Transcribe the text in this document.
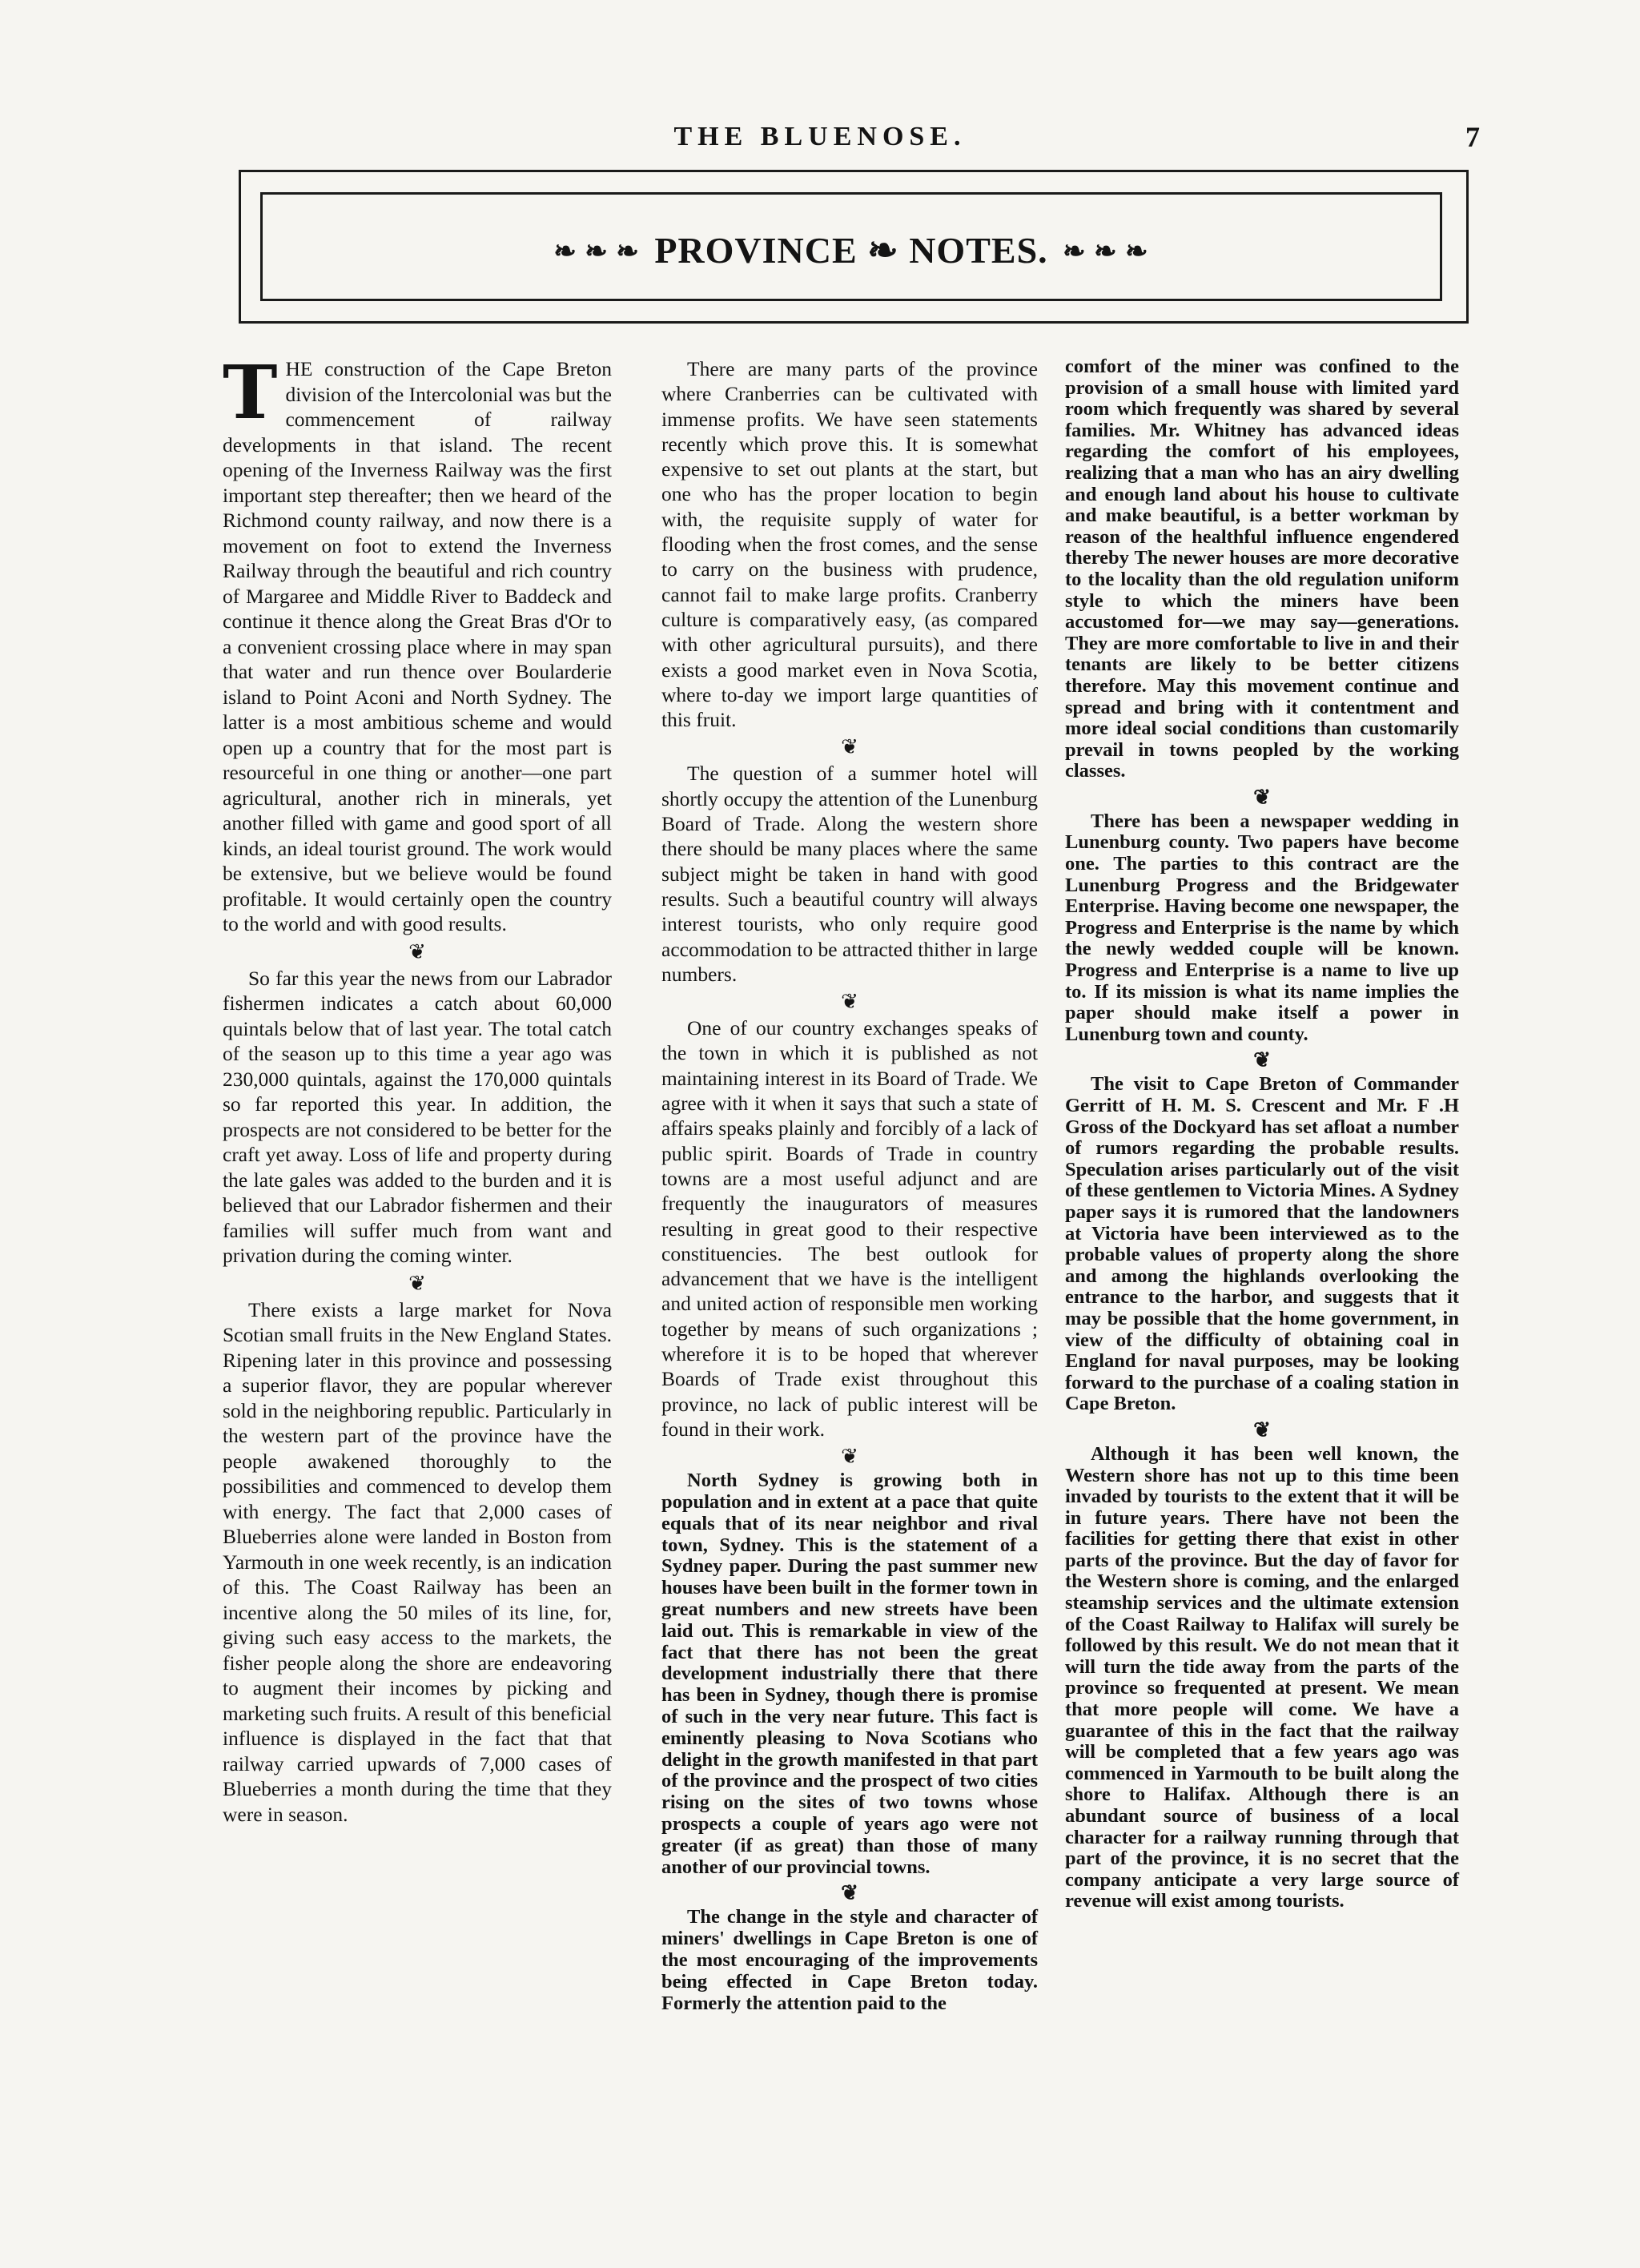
THE BLUENOSE.	7
❧ ❧ ❧ PROVINCE ❧ NOTES. ❧ ❧ ❧

THE construction of the Cape Breton division of the Intercolonial was but the commencement of railway developments in that island. The recent opening of the Inverness Railway was the first important step thereafter; then we heard of the Richmond county railway, and now there is a movement on foot to extend the Inverness Railway through the beautiful and rich country of Margaree and Middle River to Baddeck and continue it thence along the Great Bras d'Or to a convenient crossing place where in may span that water and run thence over Boularderie island to Point Aconi and North Sydney. The latter is a most ambitious scheme and would open up a country that for the most part is resourceful in one thing or another—one part agricultural, another rich in minerals, yet another filled with game and good sport of all kinds, an ideal tourist ground. The work would be extensive, but we believe would be found profitable. It would certainly open the country to the world and with good results.

❦

So far this year the news from our Labrador fishermen indicates a catch about 60,000 quintals below that of last year. The total catch of the season up to this time a year ago was 230,000 quintals, against the 170,000 quintals so far reported this year. In addition, the prospects are not considered to be better for the craft yet away. Loss of life and property during the late gales was added to the burden and it is believed that our Labrador fishermen and their families will suffer much from want and privation during the coming winter.

❦

There exists a large market for Nova Scotian small fruits in the New England States. Ripening later in this province and possessing a superior flavor, they are popular wherever sold in the neighboring republic. Particularly in the western part of the province have the people awakened thoroughly to the possibilities and commenced to develop them with energy. The fact that 2,000 cases of Blueberries alone were landed in Boston from Yarmouth in one week recently, is an indication of this. The Coast Railway has been an incentive along the 50 miles of its line, for, giving such easy access to the markets, the fisher people along the shore are endeavoring to augment their incomes by picking and marketing such fruits. A result of this beneficial influence is displayed in the fact that that railway carried upwards of 7,000 cases of Blueberries a month during the time that they were in season.

There are many parts of the province where Cranberries can be cultivated with immense profits. We have seen statements recently which prove this. It is somewhat expensive to set out plants at the start, but one who has the proper location to begin with, the requisite supply of water for flooding when the frost comes, and the sense to carry on the business with prudence, cannot fail to make large profits. Cranberry culture is comparatively easy, (as compared with other agricultural pursuits), and there exists a good market even in Nova Scotia, where to-day we import large quantities of this fruit.

❦

The question of a summer hotel will shortly occupy the attention of the Lunenburg Board of Trade. Along the western shore there should be many places where the same subject might be taken in hand with good results. Such a beautiful country will always interest tourists, who only require good accommodation to be attracted thither in large numbers.

❦

One of our country exchanges speaks of the town in which it is published as not maintaining interest in its Board of Trade. We agree with it when it says that such a state of affairs speaks plainly and forcibly of a lack of public spirit. Boards of Trade in country towns are a most useful adjunct and are frequently the inaugurators of measures resulting in great good to their respective constituencies. The best outlook for advancement that we have is the intelligent and united action of responsible men working together by means of such organizations ; wherefore it is to be hoped that wherever Boards of Trade exist throughout this province, no lack of public interest will be found in their work.

❦

North Sydney is growing both in population and in extent at a pace that quite equals that of its near neighbor and rival town, Sydney. This is the statement of a Sydney paper. During the past summer new houses have been built in the former town in great numbers and new streets have been laid out. This is remarkable in view of the fact that there has not been the great development industrially there that there has been in Sydney, though there is promise of such in the very near future. This fact is eminently pleasing to Nova Scotians who delight in the growth manifested in that part of the province and the prospect of two cities rising on the sites of two towns whose prospects a couple of years ago were not greater (if as great) than those of many another of our provincial towns.

❦

The change in the style and character of miners' dwellings in Cape Breton is one of the most encouraging of the improvements being effected in Cape Breton today. Formerly the attention paid to the

comfort of the miner was confined to the provision of a small house with limited yard room which frequently was shared by several families. Mr. Whitney has advanced ideas regarding the comfort of his employees, realizing that a man who has an airy dwelling and enough land about his house to cultivate and make beautiful, is a better workman by reason of the healthful influence engendered thereby The newer houses are more decorative to the locality than the old regulation uniform style to which the miners have been accustomed for—we may say—generations. They are more comfortable to live in and their tenants are likely to be better citizens therefore. May this movement continue and spread and bring with it contentment and more ideal social conditions than customarily prevail in towns peopled by the working classes.

❦

There has been a newspaper wedding in Lunenburg county. Two papers have become one. The parties to this contract are the Lunenburg Progress and the Bridgewater Enterprise. Having become one newspaper, the Progress and Enterprise is the name by which the newly wedded couple will be known. Progress and Enterprise is a name to live up to. If its mission is what its name implies the paper should make itself a power in Lunenburg town and county.

❦

The visit to Cape Breton of Commander Gerritt of H. M. S. Crescent and Mr. F .H Gross of the Dockyard has set afloat a number of rumors regarding the probable results. Speculation arises particularly out of the visit of these gentlemen to Victoria Mines. A Sydney paper says it is rumored that the landowners at Victoria have been interviewed as to the probable values of property along the shore and among the highlands overlooking the entrance to the harbor, and suggests that it may be possible that the home government, in view of the difficulty of obtaining coal in England for naval purposes, may be looking forward to the purchase of a coaling station in Cape Breton.

❦

Although it has been well known, the Western shore has not up to this time been invaded by tourists to the extent that it will be in future years. There have not been the facilities for getting there that exist in other parts of the province. But the day of favor for the Western shore is coming, and the enlarged steamship services and the ultimate extension of the Coast Railway to Halifax will surely be followed by this result. We do not mean that it will turn the tide away from the parts of the province so frequented at present. We mean that more people will come. We have a guarantee of this in the fact that the railway will be completed that a few years ago was commenced in Yarmouth to be built along the shore to Halifax. Although there is an abundant source of business of a local character for a railway running through that part of the province, it is no secret that the company anticipate a very large source of revenue will exist among tourists.
